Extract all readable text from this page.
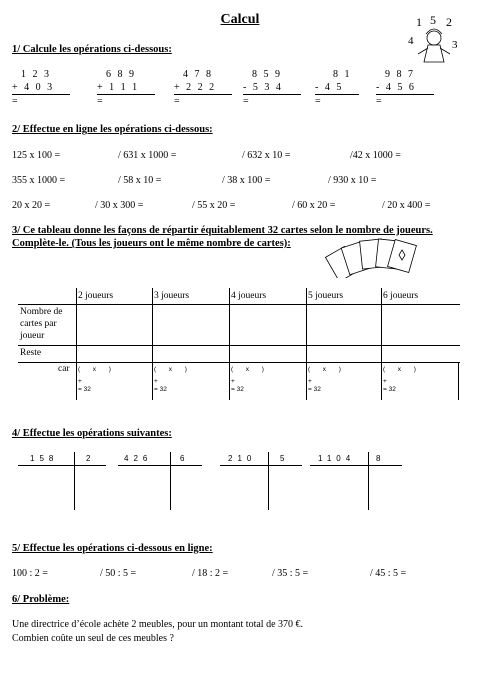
Calcul	1 5 2
4	3
1/ Calcule les opérations ci-dessous:
1 2 3
+ 4 0 3
=
6 8 9
+ 1 1 1
=
4 7 8
+ 2 2 2
=
8 5 9
- 5 3 4
=
8 1
- 4 5
=
9 8 7
- 4 5 6
=
2/ Effectue en ligne les opérations ci-dessous:
125 x 100 =	/ 631 x 1000 =	/ 632 x 10 =	/42 x 1000 =
355 x 1000 =	/ 58 x 10 =	/ 38 x 100 =	/ 930 x 10 =
20 x 20 =	/ 30 x 300 =	/ 55 x 20 =	/ 60 x 20 =	/ 20 x 400 =
3/ Ce tableau donne les façons de répartir équitablement 32 cartes selon le nombre de joueurs.
Complète-le. (Tous les joueurs ont le même nombre de cartes):
2 joueurs	3 joueurs	4 joueurs	5 joueurs	6 joueurs
Nombre de cartes par joueur
Reste
car (       x       )
+
= 32
(       x       )
+
= 32
(       x       )
+
= 32
(       x       )
+
= 32
(       x       )
+
= 32
4/ Effectue les opérations suivantes:
158	2	426	6	210	5	1104	8
5/ Effectue les opérations ci-dessous en ligne:
100 : 2 =	/ 50 : 5 =	/ 18 : 2 =	/ 35 : 5 =	/ 45 : 5 =
6/ Problème:
Une directrice d’école achète 2 meubles, pour un montant total de 370 €.
Combien coûte un seul de ces meubles ?
